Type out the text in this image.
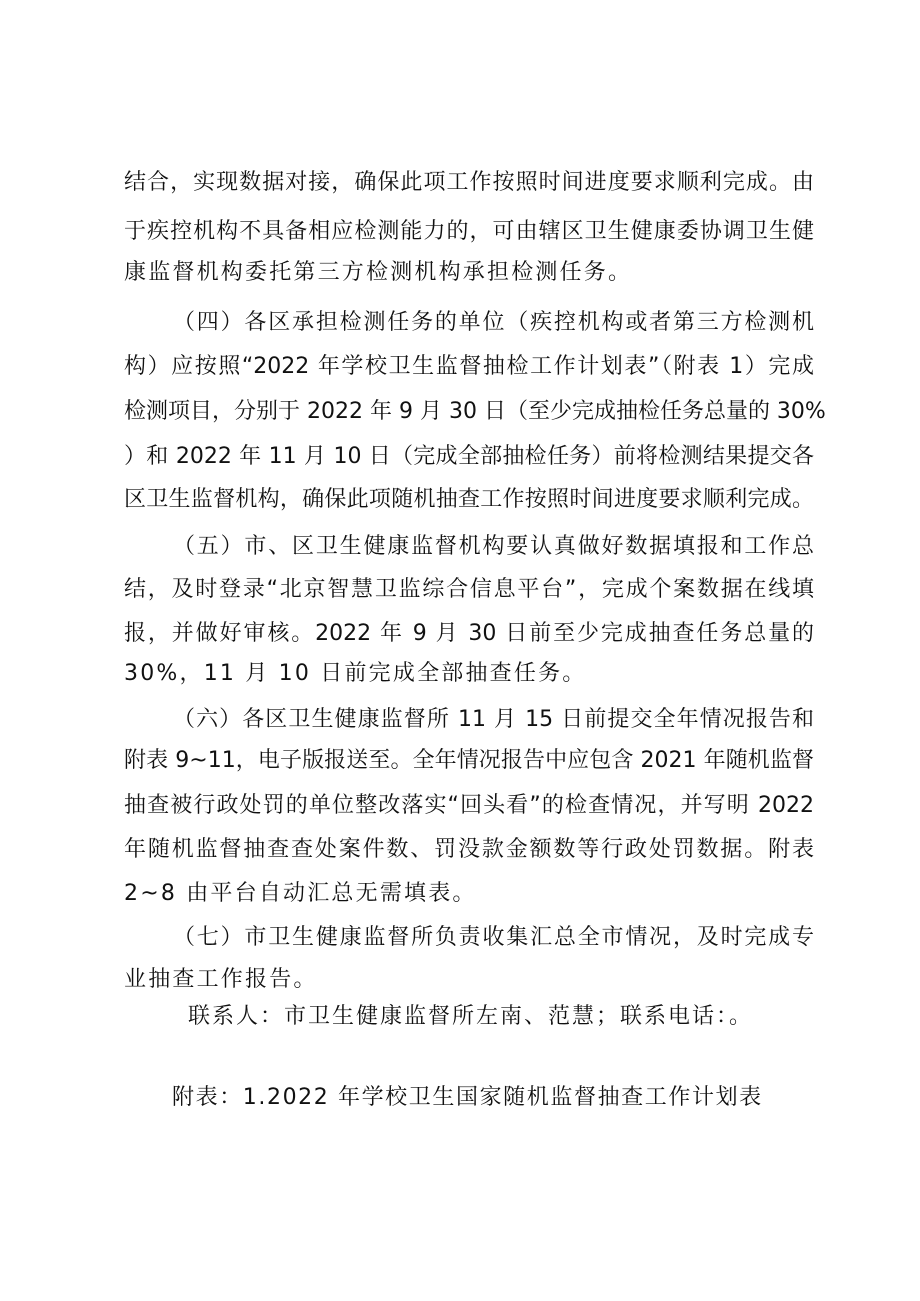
结合，实现数据对接，确保此项工作按照时间进度要求顺利完成。由
于疾控机构不具备相应检测能力的，可由辖区卫生健康委协调卫生健
康监督机构委托第三方检测机构承担检测任务。
（四）各区承担检测任务的单位（疾控机构或者第三方检测机
构）应按照“2022 年学校卫生监督抽检工作计划表”（附表 1）完成
检测项目，分别于 2022 年 9 月 30 日（至少完成抽检任务总量的 30%
）和 2022 年 11 月 10 日（完成全部抽检任务）前将检测结果提交各
区卫生监督机构，确保此项随机抽查工作按照时间进度要求顺利完成。
（五）市、区卫生健康监督机构要认真做好数据填报和工作总
结，及时登录“北京智慧卫监综合信息平台”，完成个案数据在线填
报，并做好审核。2022 年 9 月 30 日前至少完成抽查任务总量的
30%，11 月 10 日前完成全部抽查任务。
（六）各区卫生健康监督所 11 月 15 日前提交全年情况报告和
附表 9~11，电子版报送至。全年情况报告中应包含 2021 年随机监督
抽查被行政处罚的单位整改落实“回头看”的检查情况，并写明 2022
年随机监督抽查查处案件数、罚没款金额数等行政处罚数据。附表
2~8 由平台自动汇总无需填表。
（七）市卫生健康监督所负责收集汇总全市情况，及时完成专
业抽查工作报告。
联系人：市卫生健康监督所左南、范慧；联系电话：。
附表：1.2022 年学校卫生国家随机监督抽查工作计划表
